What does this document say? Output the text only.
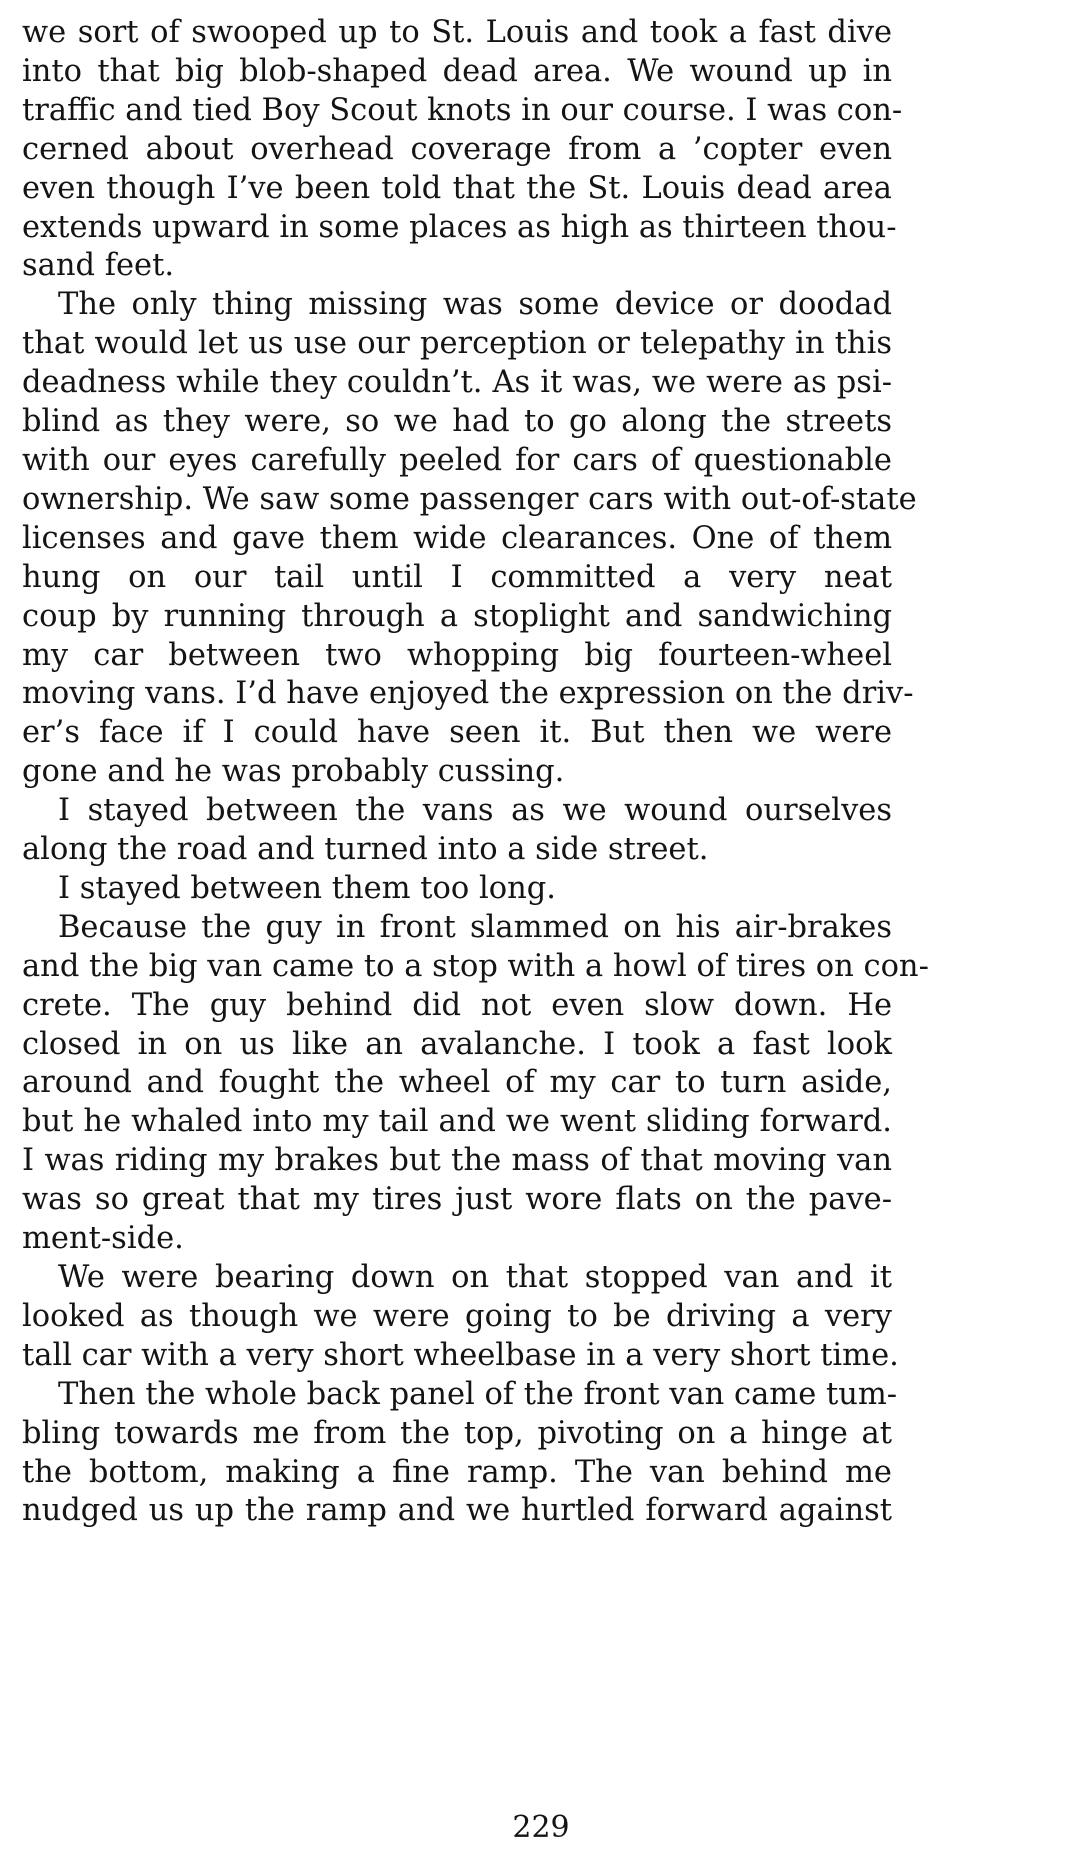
we sort of swooped up to St. Louis and took a fast dive
into that big blob-shaped dead area. We wound up in
traffic and tied Boy Scout knots in our course. I was con-
cerned about overhead coverage from a ’copter even
even though I’ve been told that the St. Louis dead area
extends upward in some places as high as thirteen thou-
sand feet.

The only thing missing was some device or doodad
that would let us use our perception or telepathy in this
deadness while they couldn’t. As it was, we were as psi-
blind as they were, so we had to go along the streets
with our eyes carefully peeled for cars of questionable
ownership. We saw some passenger cars with out-of-state
licenses and gave them wide clearances. One of them
hung on our tail until I committed a very neat
coup by running through a stoplight and sandwiching
my car between two whopping big fourteen-wheel
moving vans. I’d have enjoyed the expression on the driv-
er’s face if I could have seen it. But then we were
gone and he was probably cussing.

I stayed between the vans as we wound ourselves
along the road and turned into a side street.

I stayed between them too long.

Because the guy in front slammed on his air-brakes
and the big van came to a stop with a howl of tires on con-
crete. The guy behind did not even slow down. He
closed in on us like an avalanche. I took a fast look
around and fought the wheel of my car to turn aside,
but he whaled into my tail and we went sliding forward.
I was riding my brakes but the mass of that moving van
was so great that my tires just wore flats on the pave-
ment-side.

We were bearing down on that stopped van and it
looked as though we were going to be driving a very
tall car with a very short wheelbase in a very short time.

Then the whole back panel of the front van came tum-
bling towards me from the top, pivoting on a hinge at
the bottom, making a fine ramp. The van behind me
nudged us up the ramp and we hurtled forward against

229
